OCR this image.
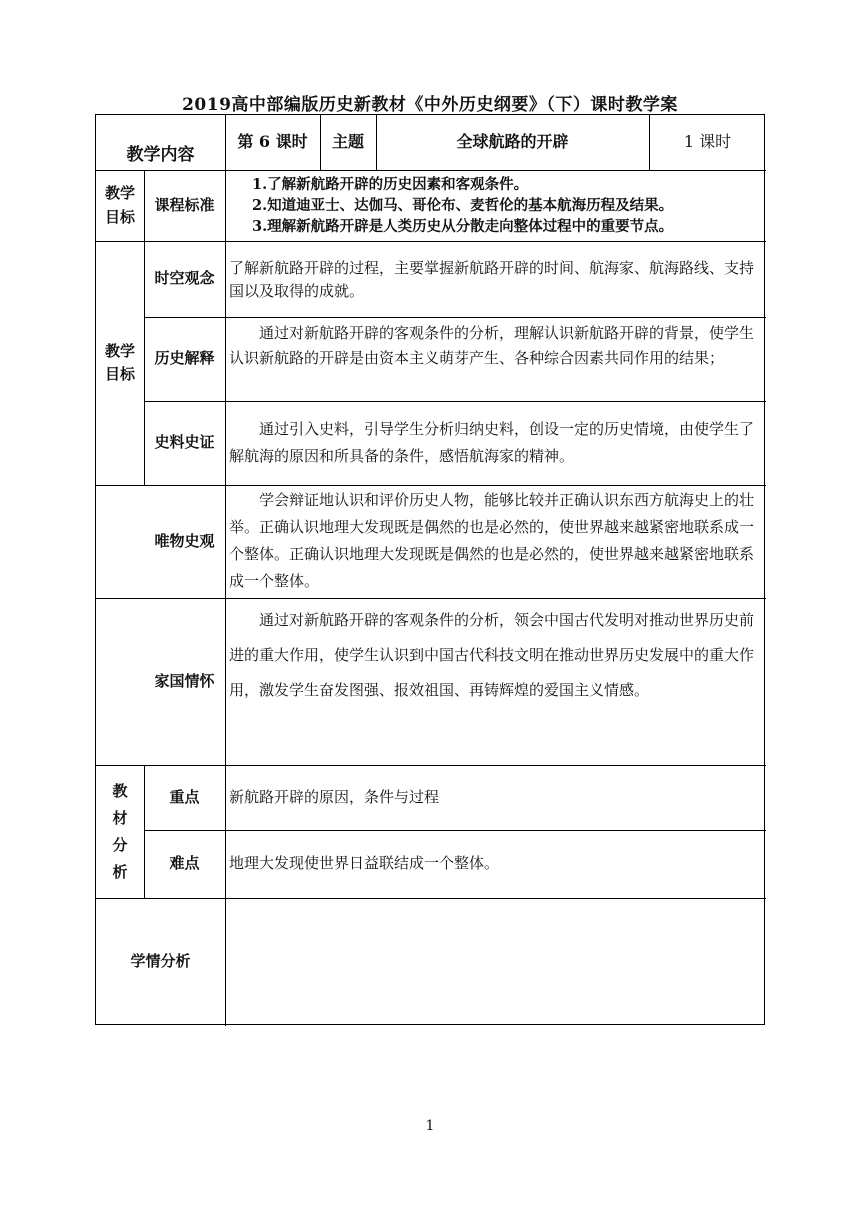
2019高中部编版历史新教材《中外历史纲要》（下）课时教学案
教学内容
第 6 课时 主题	全球航路的开辟	1 课时
教学目标
课程标准
1.了解新航路开辟的历史因素和客观条件。
2.知道迪亚士、达伽马、哥伦布、麦哲伦的基本航海历程及结果。
3.理解新航路开辟是人类历史从分散走向整体过程中的重要节点。
教学目标
时空观念
了解新航路开辟的过程，主要掌握新航路开辟的时间、航海家、航海路线、支持国以及取得的成就。
历史解释
通过对新航路开辟的客观条件的分析，理解认识新航路开辟的背景，使学生认识新航路的开辟是由资本主义萌芽产生、各种综合因素共同作用的结果；
史料史证
通过引入史料，引导学生分析归纳史料，创设一定的历史情境，由使学生了解航海的原因和所具备的条件，感悟航海家的精神。
唯物史观
学会辩证地认识和评价历史人物，能够比较并正确认识东西方航海史上的壮举。正确认识地理大发现既是偶然的也是必然的，使世界越来越紧密地联系成一个整体。正确认识地理大发现既是偶然的也是必然的，使世界越来越紧密地联系成一个整体。
家国情怀
通过对新航路开辟的客观条件的分析，领会中国古代发明对推动世界历史前进的重大作用，使学生认识到中国古代科技文明在推动世界历史发展中的重大作用，激发学生奋发图强、报效祖国、再铸辉煌的爱国主义情感。
教材分析
重点 新航路开辟的原因，条件与过程
难点 地理大发现使世界日益联结成一个整体。
学情分析
1
